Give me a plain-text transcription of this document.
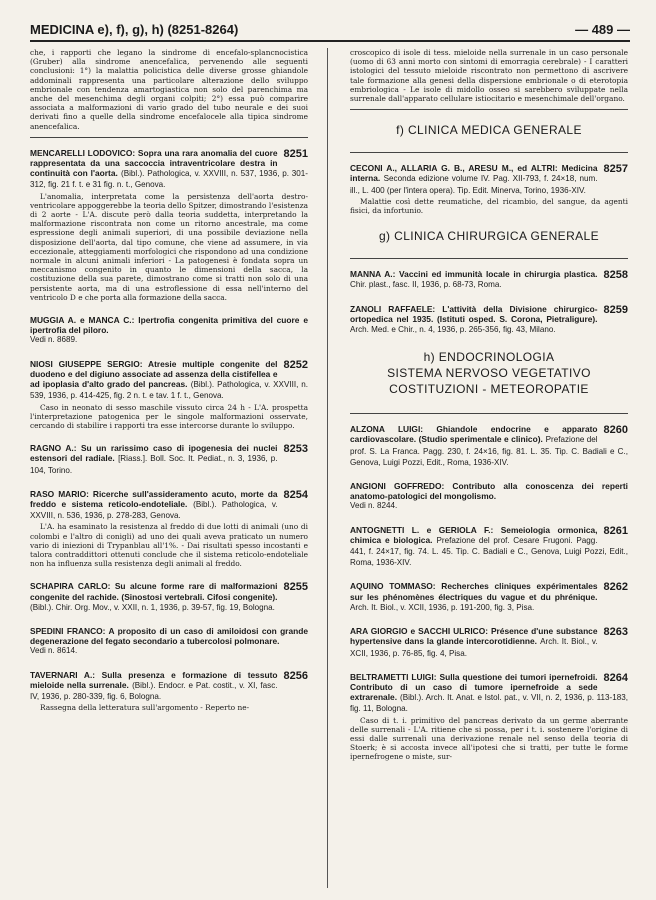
MEDICINA e), f), g), h) (8251-8264)	— 489 —

che, i rapporti che legano la sindrome di encefalo-splancnocistica (Gruber) alla sindrome anencefalica, pervenendo alle seguenti conclusioni: 1°) la malattia policistica delle diverse grosse ghiandole addominali rappresenta una particolare alterazione dello sviluppo embrionale con tendenza amartogiastica non solo del parenchima ma anche del mesenchima degli organi colpiti; 2°) essa può comparire associata a malformazioni di vario grado del tubo neurale e dei suoi derivati fino a quelle della sindrome encefalocele alla tipica sindrome anencefalica.

8251
MENCARELLI LODOVICO: Sopra una rara anomalia del cuore rappresentata da una saccoccia intraventricolare destra in continuità con l'aorta. (Bibl.). Pathologica, v. XXVIII, n. 537, 1936, p. 301-312, fig. 21 f. t. e 31 fig. n. t., Genova.

L'anomalia, interpretata come la persistenza dell'aorta destro-ventricolare appoggerebbe la teoria dello Spitzer, dimostrando l'esistenza di 2 aorte - L'A. discute però dalla teoria suddetta, interpretando la malformazione riscontrata non come un ritorno ancestrale, ma come espressione degli animali superiori, di una possibile deviazione nella disposizione dell'aorta, dal tipo comune, che viene ad assumere, in via eccezionale, atteggiamenti morfologici che rispondono ad una condizione normale in alcuni animali inferiori - La patogenesi è fondata sopra un meccanismo congenito in quanto le dimensioni della sacca, la costituzione della sua parete, dimostrano come si tratti non solo di una persistente aorta, ma di una estroflessione di essa nell'interno del ventricolo D e che porta alla formazione della sacca.

MUGGIA A. e MANCA C.: Ipertrofia congenita primitiva del cuore e ipertrofia del piloro.
Vedi n. 8689.
8252
NIOSI GIUSEPPE SERGIO: Atresie multiple congenite del duodeno e del digiuno associate ad assenza della cistifellea e ad ipoplasia d'alto grado del pancreas. (Bibl.). Pathologica, v. XXVIII, n. 539, 1936, p. 414-425, fig. 2 n. t. e tav. 1 f. t., Genova.

Caso in neonato di sesso maschile vissuto circa 24 h - L'A. prospetta l'interpretazione patogenica per le singole malformazioni osservate, cercando di stabilire i rapporti tra esse intercorse durante lo sviluppo.

8253
RAGNO A.: Su un rarissimo caso di ipogenesia dei nuclei estensori del radiale. [Riass.]. Boll. Soc. It. Pediat., n. 3, 1936, p. 104, Torino.
8254
RASO MARIO: Ricerche sull'assideramento acuto, morte da freddo e sistema reticolo-endoteliale. (Bibl.). Pathologica, v. XXVIII, n. 536, 1936, p. 278-283, Genova.

L'A. ha esaminato la resistenza al freddo di due lotti di animali (uno di colombi e l'altro di conigli) ad uno dei quali aveva praticato un numero vario di iniezioni di Trypanblau all'1%. - Dai risultati spesso incostanti e talora contraddittori ottenuti conclude che il sistema reticolo-endoteliale non ha influenza sulla resistenza degli animali al freddo.

8255
SCHAPIRA CARLO: Su alcune forme rare di malformazioni congenite del rachide. (Sinostosi vertebrali. Cifosi congenite). (Bibl.). Chir. Org. Mov., v. XXII, n. 1, 1936, p. 39-57, fig. 19, Bologna.
SPEDINI FRANCO: A proposito di un caso di amiloidosi con grande degenerazione del fegato secondario a tubercolosi polmonare.
Vedi n. 8614.
8256
TAVERNARI A.: Sulla presenza e formazione di tessuto mieloide nella surrenale. (Bibl.). Endocr. e Pat. costit., v. XI, fasc. IV, 1936, p. 280-339, fig. 6, Bologna.

Rassegna della letteratura sull'argomento - Reperto ne-

croscopico di isole di tess. mieloide nella surrenale in un caso personale (uomo di 63 anni morto con sintomi di emorragia cerebrale) - I caratteri istologici del tessuto mieloide riscontrato non permettono di ascrivere tale formazione alla genesi della dispersione embrionale o di eterotopia embriologica - Le isole di midollo osseo si sarebbero sviluppate nella surrenale dall'apparato cellulare istiocitario e mesenchimale dell'organo.

f) CLINICA MEDICA GENERALE
8257
CECONI A., ALLARIA G. B., ARESU M., ed ALTRI: Medicina interna. Seconda edizione volume IV. Pag. XII-793, f. 24×18, num. ill., L. 400 (per l'intera opera). Tip. Edit. Minerva, Torino, 1936-XIV.

Malattie così dette reumatiche, del ricambio, del sangue, da agenti fisici, da infortunio.

g) CLINICA CHIRURGICA GENERALE
8258
MANNA A.: Vaccini ed immunità locale in chirurgia plastica. Chir. plast., fasc. II, 1936, p. 68-73, Roma.
8259
ZANOLI RAFFAELE: L'attività della Divisione chirurgico-ortopedica nel 1935. (Istituti osped. S. Corona, Pietraligure). Arch. Med. e Chir., n. 4, 1936, p. 265-356, fig. 43, Milano.
h) ENDOCRINOLOGIA
SISTEMA NERVOSO VEGETATIVO
COSTITUZIONI - METEOROPATIE
8260
ALZONA LUIGI: Ghiandole endocrine e apparato cardiovascolare. (Studio sperimentale e clinico). Prefazione del prof. S. La Franca. Pagg. 230, f. 24×16, fig. 81. L. 35. Tip. C. Badiali e C., Genova, Luigi Pozzi, Edit., Roma, 1936-XIV.
ANGIONI GOFFREDO: Contributo alla conoscenza dei reperti anatomo-patologici del mongolismo.
Vedi n. 8244.
8261
ANTOGNETTI L. e GERIOLA F.: Semeiologia ormonica, chimica e biologica. Prefazione del prof. Cesare Frugoni. Pagg. 441, f. 24×17, fig. 74. L. 45. Tip. C. Badiali e C., Genova, Luigi Pozzi, Edit., Roma, 1936-XIV.
8262
AQUINO TOMMASO: Recherches cliniques expérimentales sur les phénomènes électriques du vague et du phrénique. Arch. It. Biol., v. XCII, 1936, p. 191-200, fig. 3, Pisa.
8263
ARA GIORGIO e SACCHI ULRICO: Présence d'une substance hypertensive dans la glande intercorotidienne. Arch. It. Biol., v. XCII, 1936, p. 76-85, fig. 4, Pisa.
8264
BELTRAMETTI LUIGI: Sulla questione dei tumori ipernefroidi. Contributo di un caso di tumore ipernefroide a sede extrarenale. (Bibl.). Arch. It. Anat. e Istol. pat., v. VII, n. 2, 1936, p. 113-183, fig. 11, Bologna.

Caso di t. i. primitivo del pancreas derivato da un germe aberrante delle surrenali - L'A. ritiene che si possa, per i t. i. sostenere l'origine di essi dalle surrenali una derivazione renale nel senso della teoria di Stoerk; è si accosta invece all'ipotesi che si tratti, per tutte le forme ipernefrogene o miste, sur-
